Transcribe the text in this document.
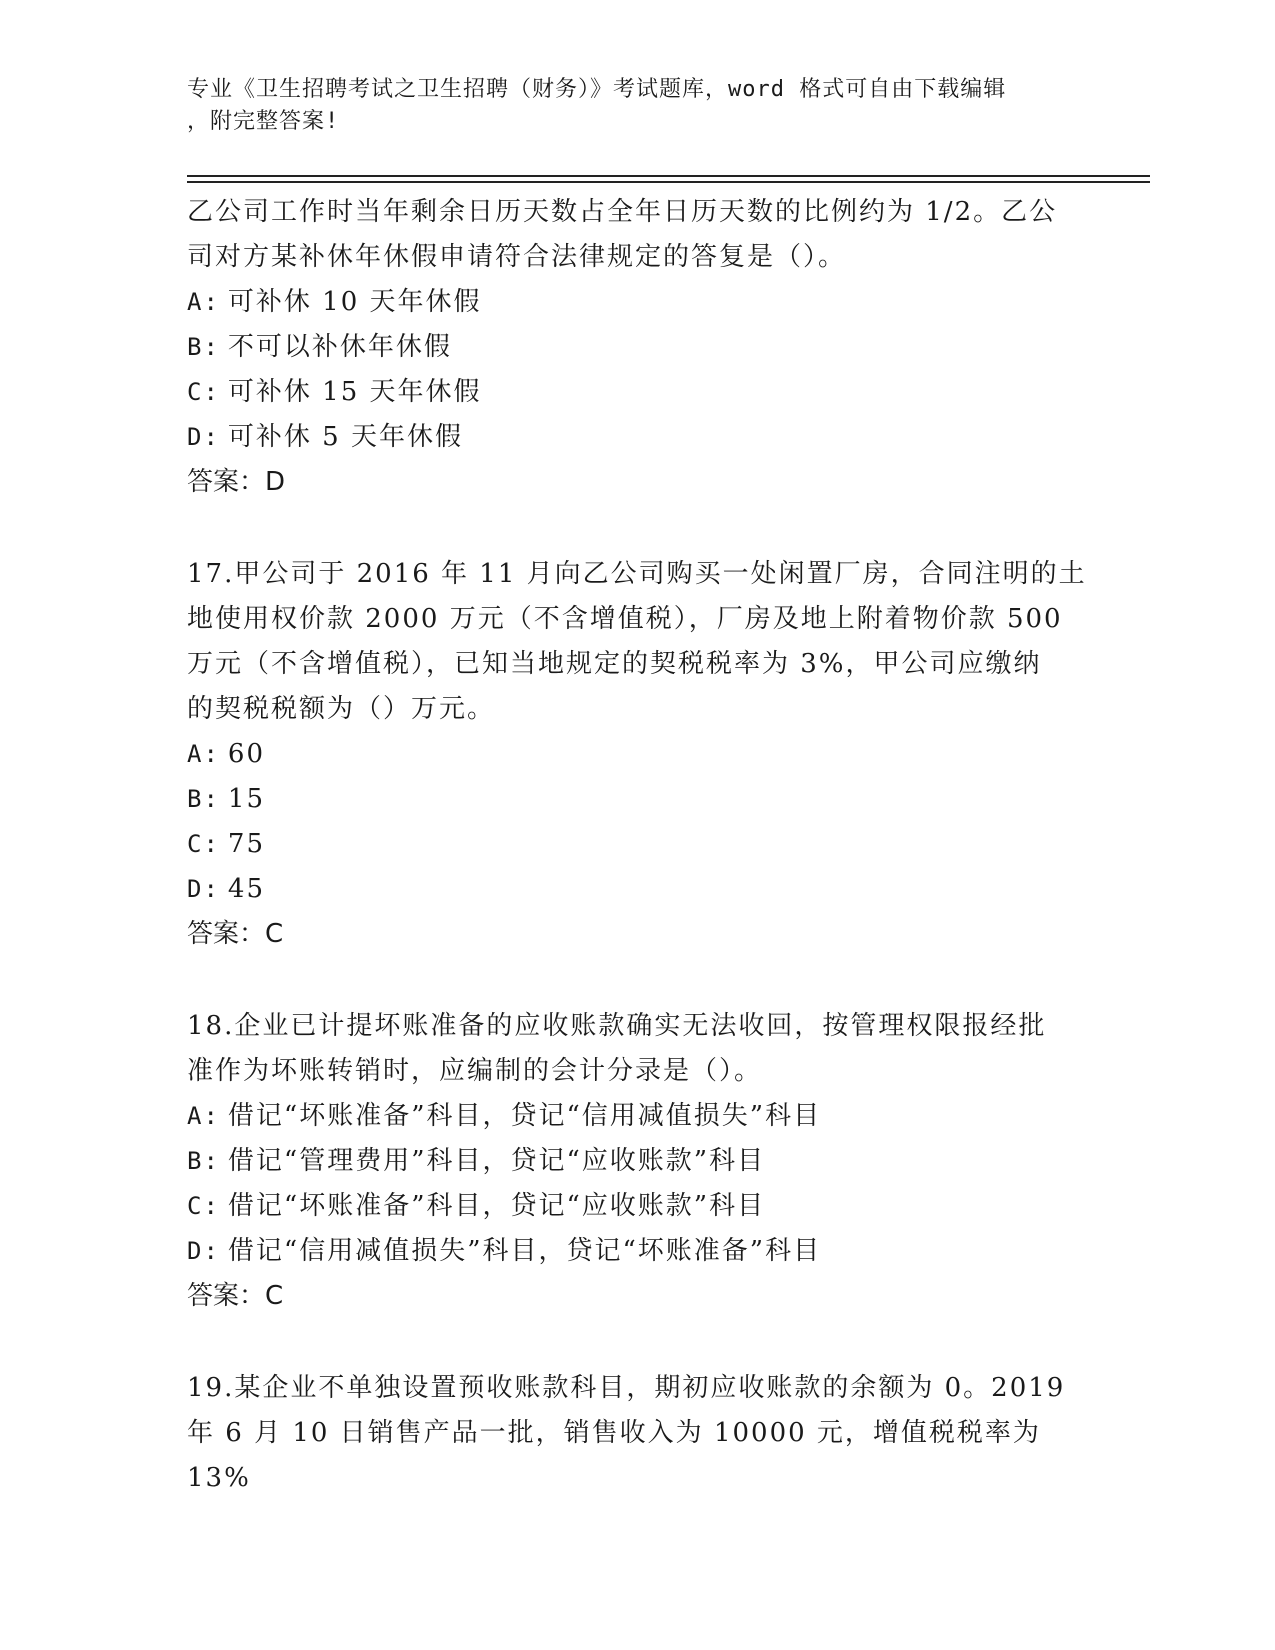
专业《卫生招聘考试之卫生招聘（财务）》考试题库，word 格式可自由下载编辑
，附完整答案!

乙公司工作时当年剩余日历天数占全年日历天数的比例约为 1/2。乙公

司对方某补休年休假申请符合法律规定的答复是（）。

A: 可补休 10 天年休假

B: 不可以补休年休假

C: 可补休 15 天年休假

D: 可补休 5 天年休假

答案：D

17.甲公司于 2016 年 11 月向乙公司购买一处闲置厂房，合同注明的土

地使用权价款 2000 万元（不含增值税），厂房及地上附着物价款 500

万元（不含增值税），已知当地规定的契税税率为 3%，甲公司应缴纳

的契税税额为（）万元。

A: 60

B: 15

C: 75

D: 45

答案：C

18.企业已计提坏账准备的应收账款确实无法收回，按管理权限报经批

准作为坏账转销时，应编制的会计分录是（）。

A: 借记“坏账准备”科目，贷记“信用减值损失”科目

B: 借记“管理费用”科目，贷记“应收账款”科目

C: 借记“坏账准备”科目，贷记“应收账款”科目

D: 借记“信用减值损失”科目，贷记“坏账准备”科目

答案：C

19.某企业不单独设置预收账款科目，期初应收账款的余额为 0。2019

年 6 月 10 日销售产品一批，销售收入为 10000 元，增值税税率为 13%
